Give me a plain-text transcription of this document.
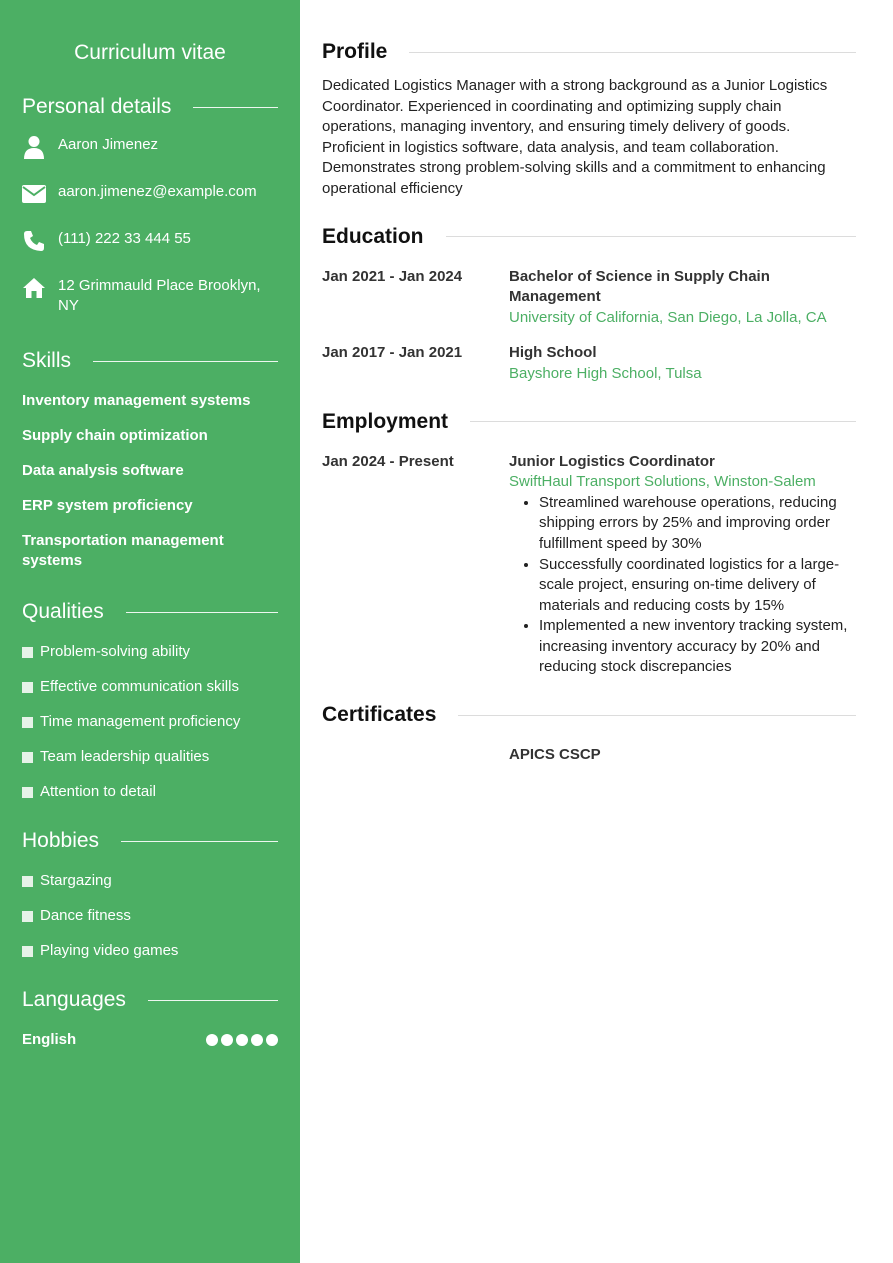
Curriculum vitae
Personal details
Aaron Jimenez
aaron.jimenez@example.com
(111) 222 33 444 55
12 Grimmauld Place Brooklyn, NY
Skills
Inventory management systems
Supply chain optimization
Data analysis software
ERP system proficiency
Transportation management systems
Qualities
Problem-solving ability
Effective communication skills
Time management proficiency
Team leadership qualities
Attention to detail
Hobbies
Stargazing
Dance fitness
Playing video games
Languages
English
Profile
Dedicated Logistics Manager with a strong background as a Junior Logistics Coordinator. Experienced in coordinating and optimizing supply chain operations, managing inventory, and ensuring timely delivery of goods. Proficient in logistics software, data analysis, and team collaboration. Demonstrates strong problem-solving skills and a commitment to enhancing operational efficiency
Education
Jan 2021 - Jan 2024	Bachelor of Science in Supply Chain Management
University of California, San Diego, La Jolla, CA
Jan 2017 - Jan 2021	High School
Bayshore High School, Tulsa
Employment
Jan 2024 - Present	Junior Logistics Coordinator
SwiftHaul Transport Solutions, Winston-Salem
• Streamlined warehouse operations, reducing shipping errors by 25% and improving order fulfillment speed by 30%
• Successfully coordinated logistics for a large-scale project, ensuring on-time delivery of materials and reducing costs by 15%
• Implemented a new inventory tracking system, increasing inventory accuracy by 20% and reducing stock discrepancies
Certificates
APICS CSCP
